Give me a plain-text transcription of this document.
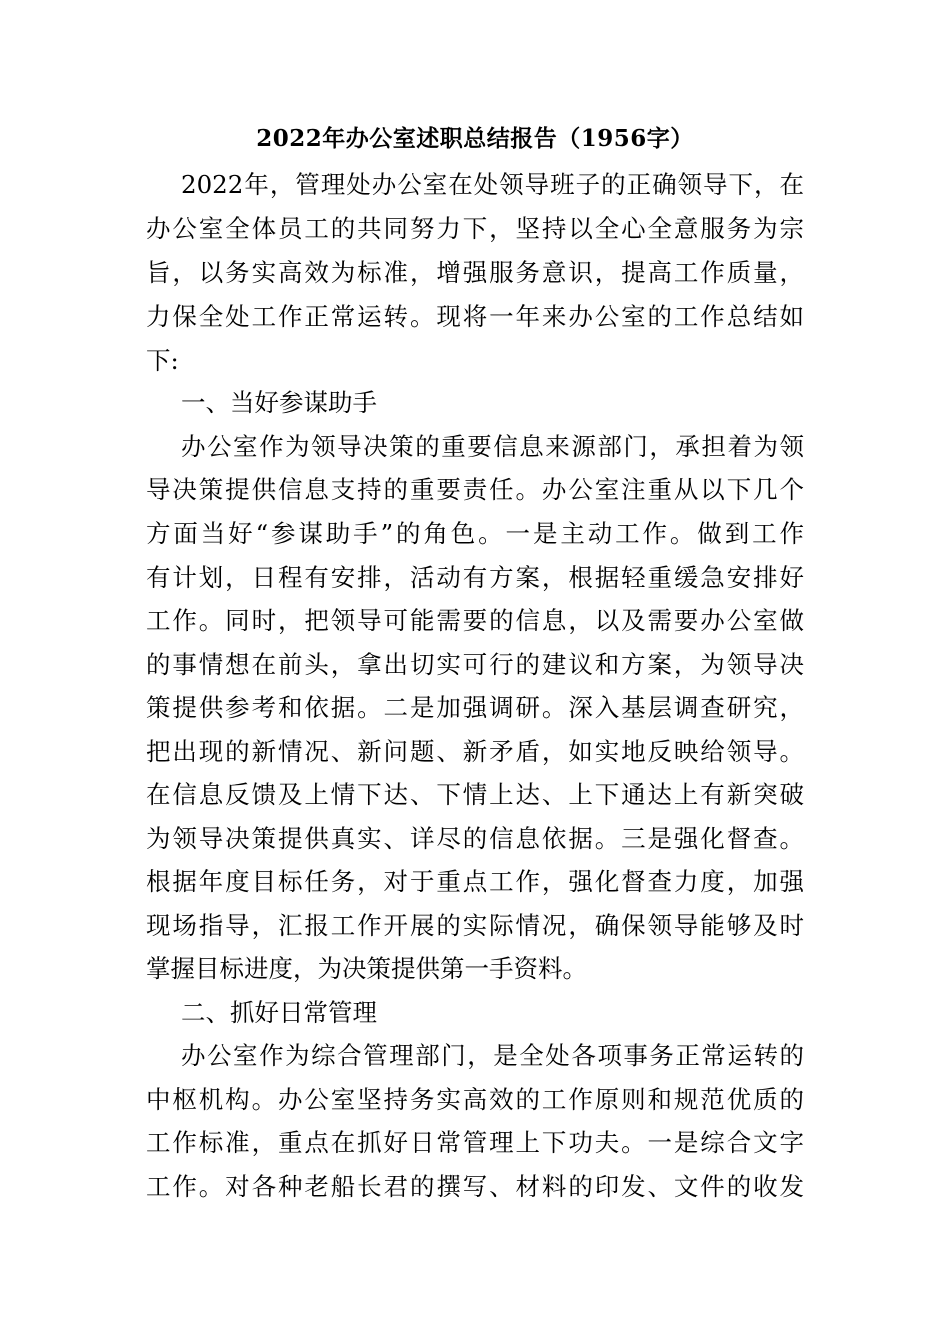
2022年办公室述职总结报告（1956字）
2022年，管理处办公室在处领导班子的正确领导下，在
办公室全体员工的共同努力下，坚持以全心全意服务为宗
旨，以务实高效为标准，增强服务意识，提高工作质量，
力保全处工作正常运转。现将一年来办公室的工作总结如
下:
一、当好参谋助手
办公室作为领导决策的重要信息来源部门，承担着为领
导决策提供信息支持的重要责任。办公室注重从以下几个
方面当好“参谋助手”的角色。一是主动工作。做到工作
有计划，日程有安排，活动有方案，根据轻重缓急安排好
工作。同时，把领导可能需要的信息，以及需要办公室做
的事情想在前头，拿出切实可行的建议和方案，为领导决
策提供参考和依据。二是加强调研。深入基层调查研究，
把出现的新情况、新问题、新矛盾，如实地反映给领导。
在信息反馈及上情下达、下情上达、上下通达上有新突破
为领导决策提供真实、详尽的信息依据。三是强化督查。
根据年度目标任务，对于重点工作，强化督查力度，加强
现场指导，汇报工作开展的实际情况，确保领导能够及时
掌握目标进度，为决策提供第一手资料。
二、抓好日常管理
办公室作为综合管理部门，是全处各项事务正常运转的
中枢机构。办公室坚持务实高效的工作原则和规范优质的
工作标准，重点在抓好日常管理上下功夫。一是综合文字
工作。对各种老船长君的撰写、材料的印发、文件的收发
